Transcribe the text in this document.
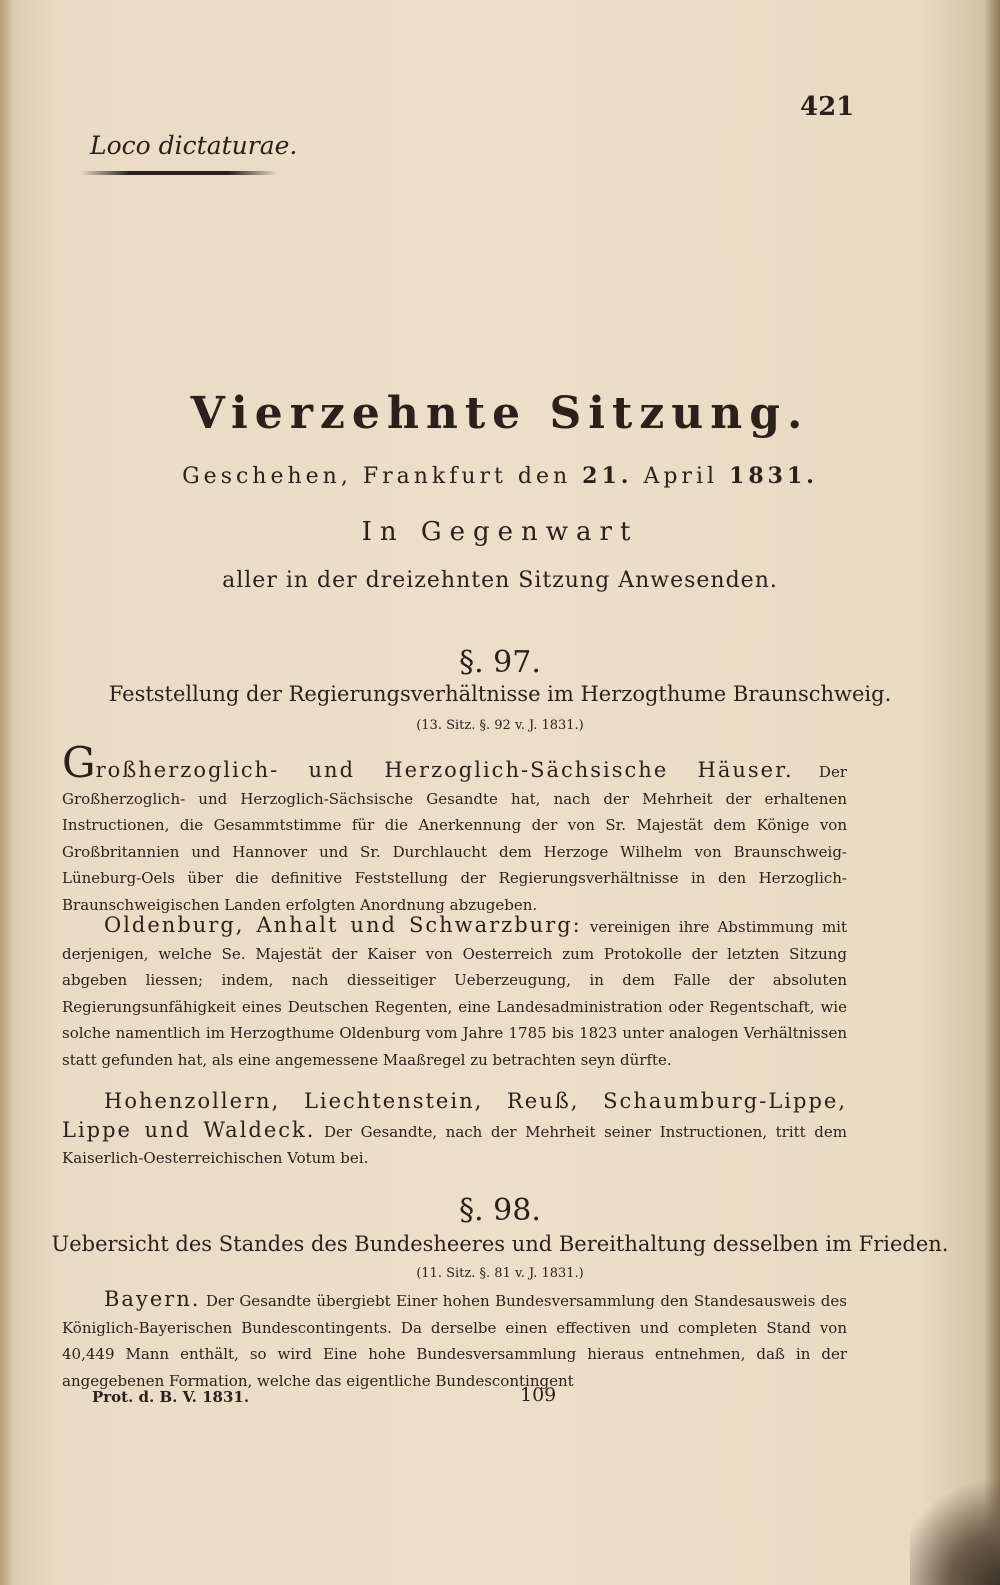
421
Loco dictaturae.
Vierzehnte Sitzung.
Geschehen, Frankfurt den 21. April 1831.
In Gegenwart
aller in der dreizehnten Sitzung Anwesenden.
§. 97.
Feststellung der Regierungsverhältnisse im Herzogthume Braunschweig.
(13. Sitz. §. 92 v. J. 1831.)
Großherzoglich- und Herzoglich-Sächsische Häuser. Der Großherzoglich- und Herzoglich-Sächsische Gesandte hat, nach der Mehrheit der erhaltenen Instructionen, die Gesammtstimme für die Anerkennung der von Sr. Majestät dem Könige von Großbritannien und Hannover und Sr. Durchlaucht dem Herzoge Wilhelm von Braunschweig-Lüneburg-Oels über die definitive Feststellung der Regierungsverhältnisse in den Herzoglich-Braunschweigischen Landen erfolgten Anordnung abzugeben.
Oldenburg, Anhalt und Schwarzburg: vereinigen ihre Abstimmung mit derjenigen, welche Se. Majestät der Kaiser von Oesterreich zum Protokolle der letzten Sitzung abgeben liessen; indem, nach diesseitiger Ueberzeugung, in dem Falle der absoluten Regierungsunfähigkeit eines Deutschen Regenten, eine Landesadministration oder Regentschaft, wie solche namentlich im Herzogthume Oldenburg vom Jahre 1785 bis 1823 unter analogen Verhältnissen statt gefunden hat, als eine angemessene Maaßregel zu betrachten seyn dürfte.
Hohenzollern, Liechtenstein, Reuß, Schaumburg-Lippe, Lippe und Waldeck. Der Gesandte, nach der Mehrheit seiner Instructionen, tritt dem Kaiserlich-Oesterreichischen Votum bei.
§. 98.
Uebersicht des Standes des Bundesheeres und Bereithaltung desselben im Frieden.
(11. Sitz. §. 81 v. J. 1831.)
Bayern. Der Gesandte übergiebt Einer hohen Bundesversammlung den Standesausweis des Königlich-Bayerischen Bundescontingents. Da derselbe einen effectiven und completen Stand von 40,449 Mann enthält, so wird Eine hohe Bundesversammlung hieraus entnehmen, daß in der angegebenen Formation, welche das eigentliche Bundescontingent
Prot. d. B. V. 1831.	109
